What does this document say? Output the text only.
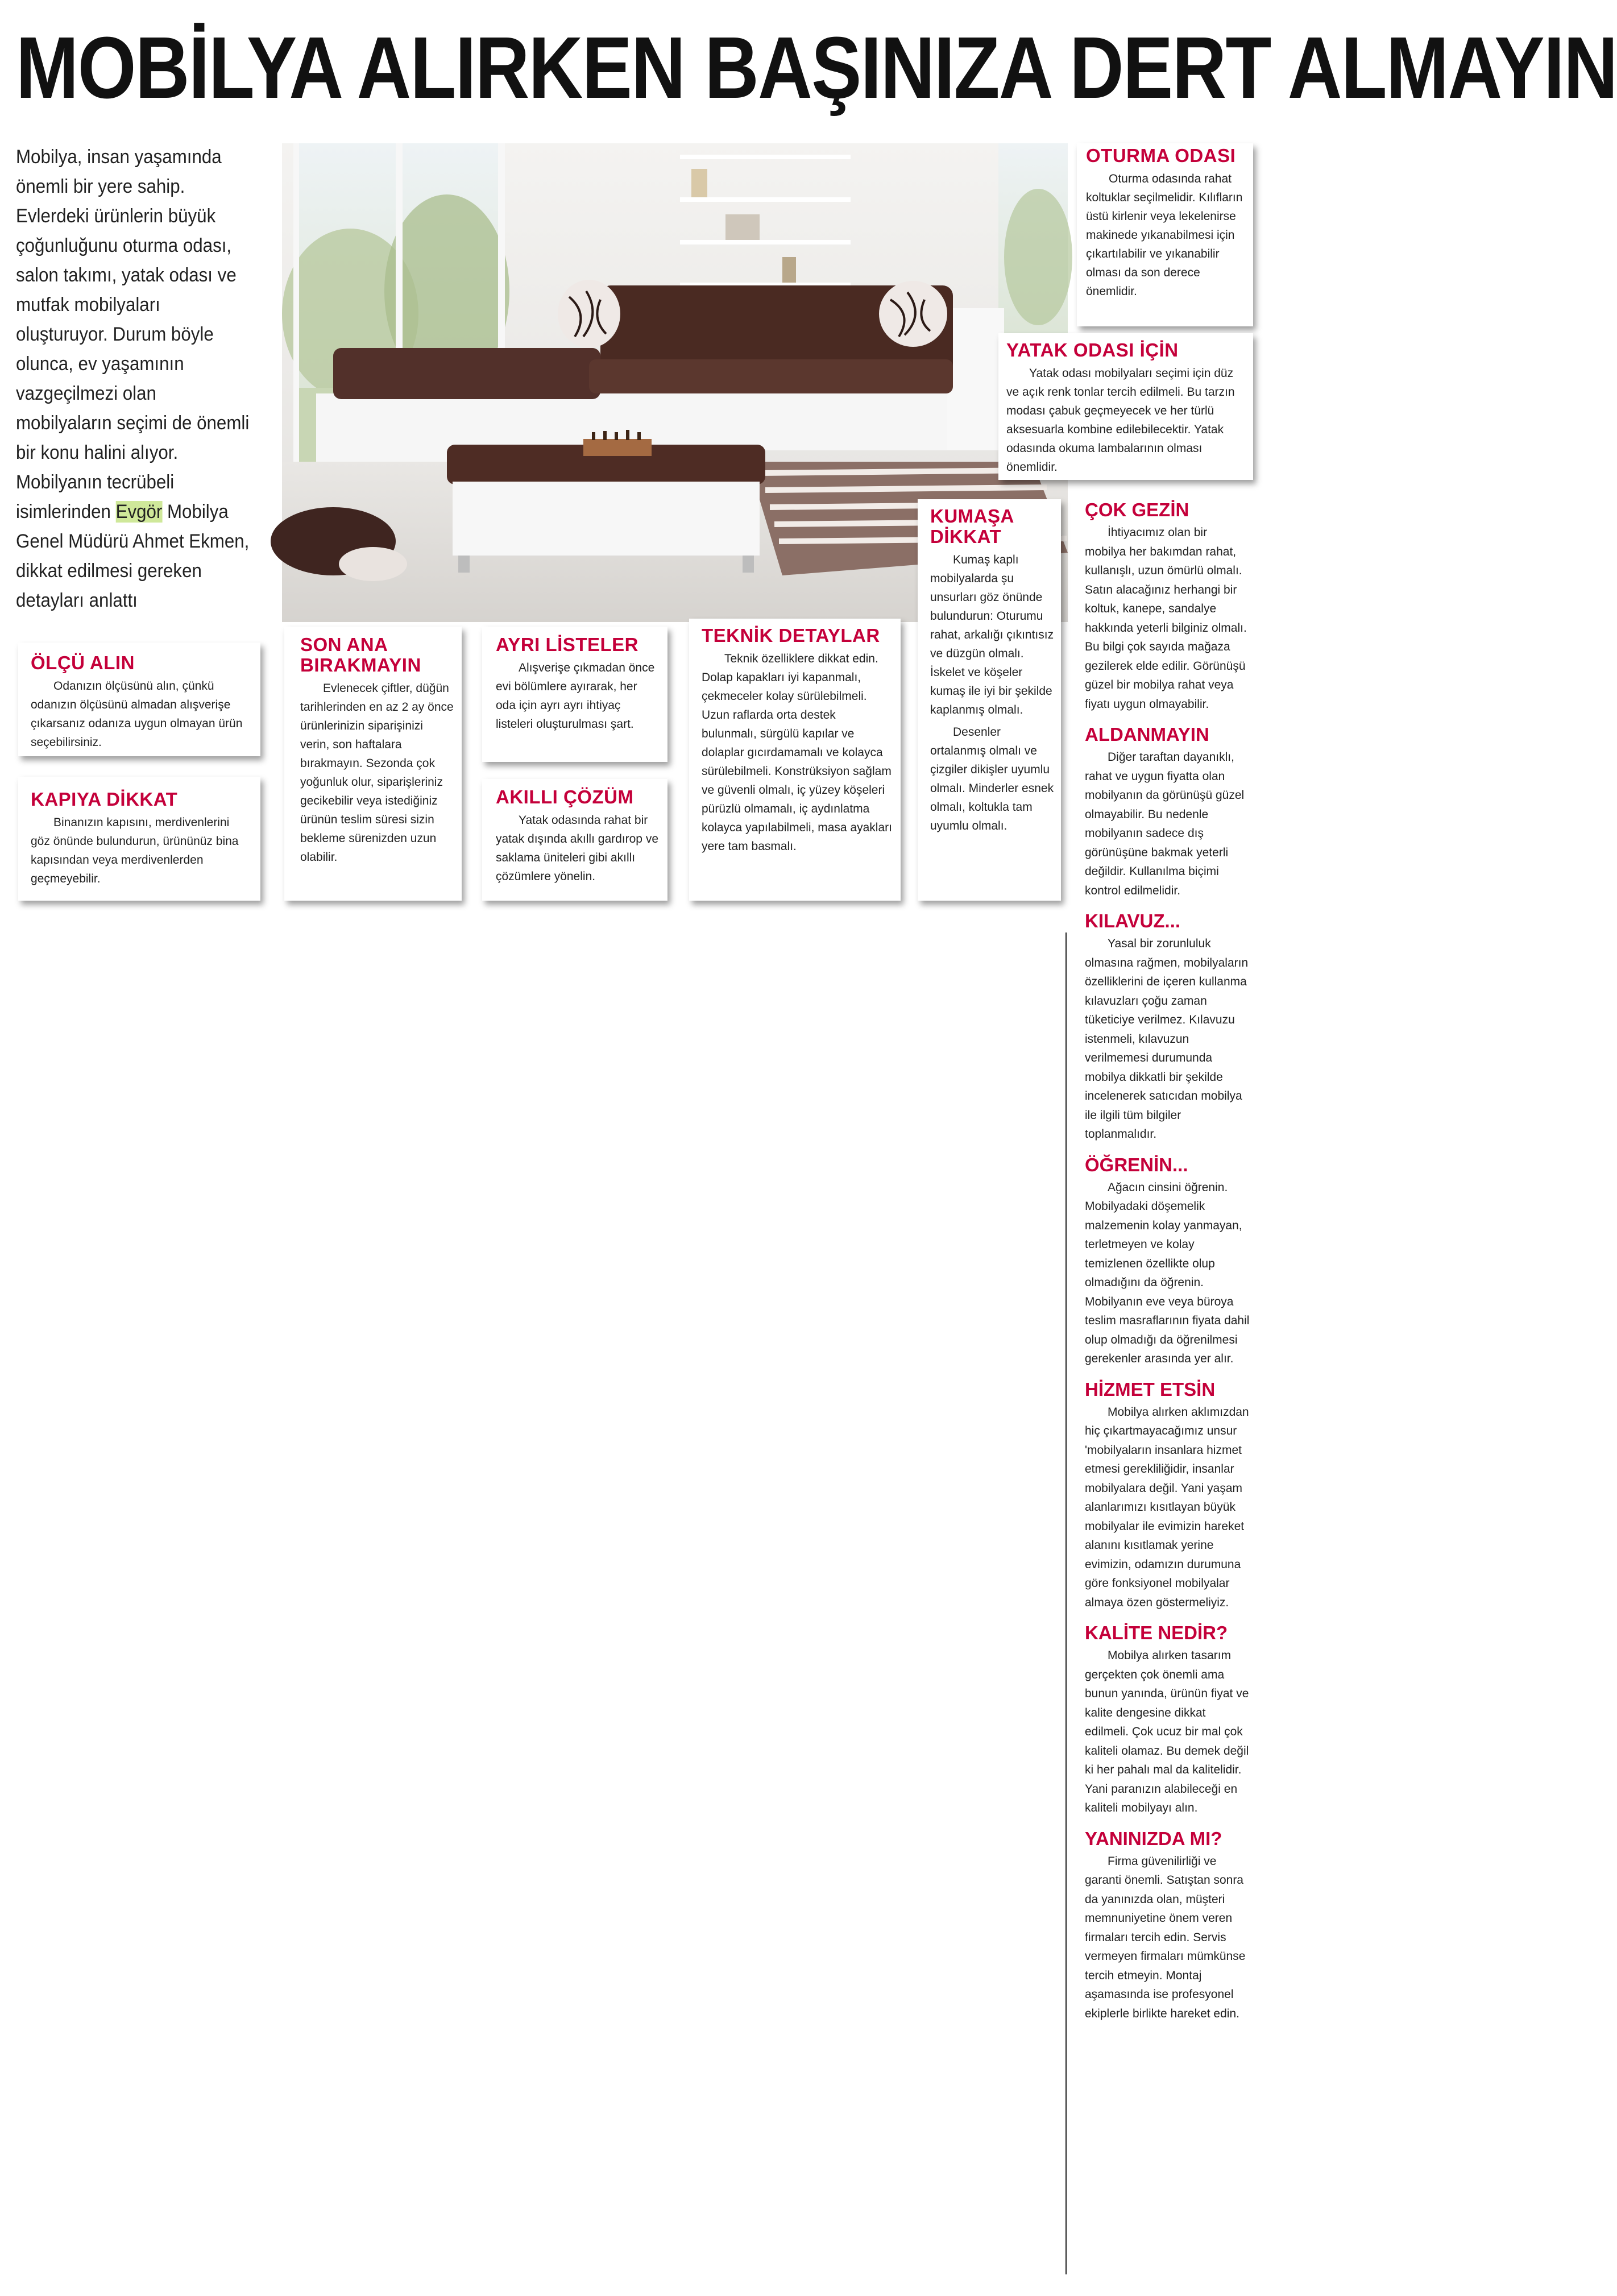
MOBİLYA ALIRKEN BAŞINIZA DERT ALMAYIN

Mobilya, insan yaşamında önemli bir yere sahip. Evlerdeki ürünlerin büyük çoğunluğunu oturma odası, salon takımı, yatak odası ve mutfak mobilyaları oluşturuyor. Durum böyle olunca, ev yaşamının vazgeçilmezi olan mobilyaların seçimi de önemli bir konu halini alıyor. Mobilyanın tecrübeli isimlerinden Evgör Mobilya Genel Müdürü Ahmet Ekmen, dikkat edilmesi gereken detayları anlattı

ÖLÇÜ ALIN

Odanızın ölçüsünü alın, çünkü odanızın ölçüsünü almadan alışverişe çıkarsanız odanıza uygun olmayan ürün seçebilirsiniz.

KAPIYA DİKKAT

Binanızın kapısını, merdivenlerini göz önünde bulundurun, ürününüz bina kapısından veya merdivenlerden geçmeyebilir.

SON ANA BIRAKMAYIN

Evlenecek çiftler, düğün tarihlerinden en az 2 ay önce ürünlerinizin siparişinizi verin, son haftalara bırakmayın. Sezonda çok yoğunluk olur, siparişleriniz gecikebilir veya istediğiniz ürünün teslim süresi sizin bekleme sürenizden uzun olabilir.

AYRI LİSTELER

Alışverişe çıkmadan önce evi bölümlere ayırarak, her oda için ayrı ayrı ihtiyaç listeleri oluşturulması şart.

AKILLI ÇÖZÜM

Yatak odasında rahat bir yatak dışında akıllı gardırop ve saklama üniteleri gibi akıllı çözümlere yönelin.

TEKNİK DETAYLAR

Teknik özelliklere dikkat edin. Dolap kapakları iyi kapanmalı, çekmeceler kolay sürülebilmeli. Uzun raflarda orta destek bulunmalı, sürgülü kapılar ve dolaplar gıcırdamamalı ve kolayca sürülebilmeli. Konstrüksiyon sağlam ve güvenli olmalı, iç yüzey köşeleri pürüzlü olmamalı, iç aydınlatma kolayca yapılabilmeli, masa ayakları yere tam basmalı.

KUMAŞA DİKKAT

Kumaş kaplı mobilyalarda şu unsurları göz önünde bulundurun: Oturumu rahat, arkalığı çıkıntısız ve düzgün olmalı. İskelet ve köşeler kumaş ile iyi bir şekilde kaplanmış olmalı.

Desenler ortalanmış olmalı ve çizgiler dikişler uyumlu olmalı. Minderler esnek olmalı, koltukla tam uyumlu olmalı.

OTURMA ODASI

Oturma odasında rahat koltuklar seçilmelidir. Kılıfların üstü kirlenir veya lekelenirse makinede yıkanabilmesi için çıkartılabilir ve yıkanabilir olması da son derece önemlidir.

YATAK ODASI İÇİN

Yatak odası mobilyaları seçimi için düz ve açık renk tonlar tercih edilmeli. Bu tarzın modası çabuk geçmeyecek ve her türlü aksesuarla kombine edilebilecektir. Yatak odasında okuma lambalarının olması önemlidir.

ÇOK GEZİN

İhtiyacımız olan bir mobilya her bakımdan rahat, kullanışlı, uzun ömürlü olmalı. Satın alacağınız herhangi bir koltuk, kanepe, sandalye hakkında yeterli bilginiz olmalı. Bu bilgi çok sayıda mağaza gezilerek elde edilir. Görünüşü güzel bir mobilya rahat veya fiyatı uygun olmayabilir.

ALDANMAYIN

Diğer taraftan dayanıklı, rahat ve uygun fiyatta olan mobilyanın da görünüşü güzel olmayabilir. Bu nedenle mobilyanın sadece dış görünüşüne bakmak yeterli değildir. Kullanılma biçimi kontrol edilmelidir.

KILAVUZ...

Yasal bir zorunluluk olmasına rağmen, mobilyaların özelliklerini de içeren kullanma kılavuzları çoğu zaman tüketiciye verilmez. Kılavuzu istenmeli, kılavuzun verilmemesi durumunda mobilya dikkatli bir şekilde incelenerek satıcıdan mobilya ile ilgili tüm bilgiler toplanmalıdır.

ÖĞRENİN...

Ağacın cinsini öğrenin. Mobilyadaki döşemelik malzemenin kolay yanmayan, terletmeyen ve kolay temizlenen özellikte olup olmadığını da öğrenin. Mobilyanın eve veya büroya teslim masraflarının fiyata dahil olup olmadığı da öğrenilmesi gerekenler arasında yer alır.

HİZMET ETSİN

Mobilya alırken aklımızdan hiç çıkartmayacağımız unsur 'mobilyaların insanlara hizmet etmesi gerekliliğidir, insanlar mobilyalara değil. Yani yaşam alanlarımızı kısıtlayan büyük mobilyalar ile evimizin hareket alanını kısıtlamak yerine evimizin, odamızın durumuna göre fonksiyonel mobilyalar almaya özen göstermeliyiz.

KALİTE NEDİR?

Mobilya alırken tasarım gerçekten çok önemli ama bunun yanında, ürünün fiyat ve kalite dengesine dikkat edilmeli. Çok ucuz bir mal çok kaliteli olamaz. Bu demek değil ki her pahalı mal da kalitelidir. Yani paranızın alabileceği en kaliteli mobilyayı alın.

YANINIZDA MI?

Firma güvenilirliği ve garanti önemli. Satıştan sonra da yanınızda olan, müşteri memnuniyetine önem veren firmaları tercih edin. Servis vermeyen firmaları mümkünse tercih etmeyin. Montaj aşamasında ise profesyonel ekiplerle birlikte hareket edin.
